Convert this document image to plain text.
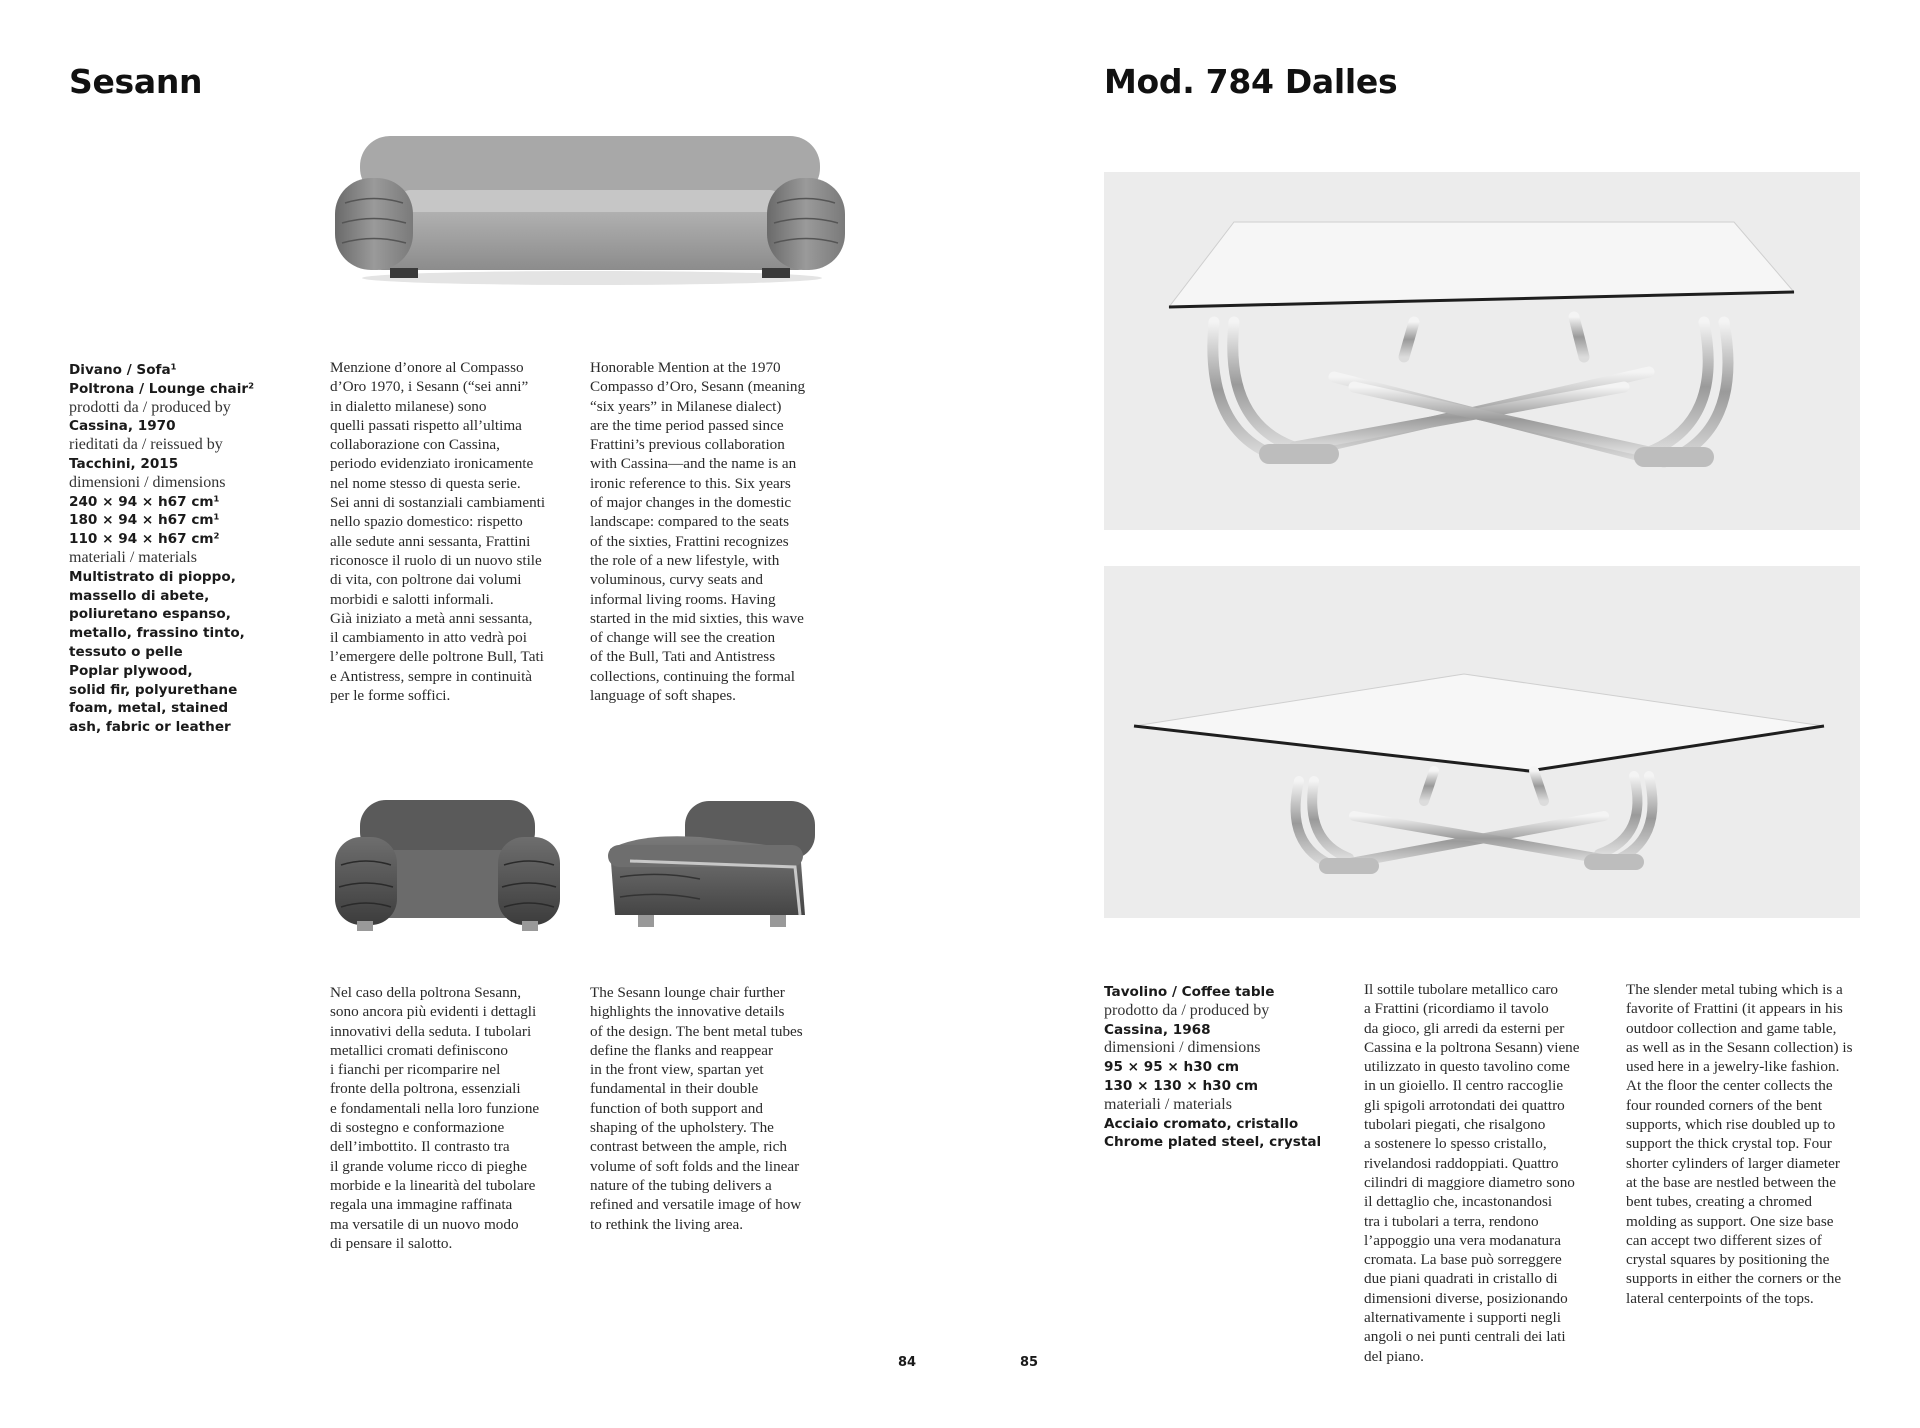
Sesann
Divano / Sofa¹
Poltrona / Lounge chair²
prodotti da / produced by
Cassina, 1970
rieditati da / reissued by
Tacchini, 2015
dimensioni / dimensions
240 × 94 × h67 cm¹
180 × 94 × h67 cm¹
110 × 94 × h67 cm²
materiali / materials
Multistrato di pioppo,
massello di abete,
poliuretano espanso,
metallo, frassino tinto,
tessuto o pelle
Poplar plywood,
solid fir, polyurethane
foam, metal, stained
ash, fabric or leather
Menzione d’onore al Compasso
d’Oro 1970, i Sesann (“sei anni”
in dialetto milanese) sono
quelli passati rispetto all’ultima
collaborazione con Cassina,
periodo evidenziato ironicamente
nel nome stesso di questa serie.
Sei anni di sostanziali cambiamenti
nello spazio domestico: rispetto
alle sedute anni sessanta, Frattini
riconosce il ruolo di un nuovo stile
di vita, con poltrone dai volumi
morbidi e salotti informali.
Già iniziato a metà anni sessanta,
il cambiamento in atto vedrà poi
l’emergere delle poltrone Bull, Tati
e Antistress, sempre in continuità
per le forme soffici.
Honorable Mention at the 1970
Compasso d’Oro, Sesann (meaning
“six years” in Milanese dialect)
are the time period passed since
Frattini’s previous collaboration
with Cassina—and the name is an
ironic reference to this. Six years
of major changes in the domestic
landscape: compared to the seats
of the sixties, Frattini recognizes
the role of a new lifestyle, with
voluminous, curvy seats and
informal living rooms. Having
started in the mid sixties, this wave
of change will see the creation
of the Bull, Tati and Antistress
collections, continuing the formal
language of soft shapes.
Nel caso della poltrona Sesann,
sono ancora più evidenti i dettagli
innovativi della seduta. I tubolari
metallici cromati definiscono
i fianchi per ricomparire nel
fronte della poltrona, essenziali
e fondamentali nella loro funzione
di sostegno e conformazione
dell’imbottito. Il contrasto tra
il grande volume ricco di pieghe
morbide e la linearità del tubolare
regala una immagine raffinata
ma versatile di un nuovo modo
di pensare il salotto.
The Sesann lounge chair further
highlights the innovative details
of the design. The bent metal tubes
define the flanks and reappear
in the front view, spartan yet
fundamental in their double
function of both support and
shaping of the upholstery. The
contrast between the ample, rich
volume of soft folds and the linear
nature of the tubing delivers a
refined and versatile image of how
to rethink the living area.
84
Mod. 784 Dalles
Tavolino / Coffee table
prodotto da / produced by
Cassina, 1968
dimensioni / dimensions
95 × 95 × h30 cm
130 × 130 × h30 cm
materiali / materials
Acciaio cromato, cristallo
Chrome plated steel, crystal
Il sottile tubolare metallico caro
a Frattini (ricordiamo il tavolo
da gioco, gli arredi da esterni per
Cassina e la poltrona Sesann) viene
utilizzato in questo tavolino come
in un gioiello. Il centro raccoglie
gli spigoli arrotondati dei quattro
tubolari piegati, che risalgono
a sostenere lo spesso cristallo,
rivelandosi raddoppiati. Quattro
cilindri di maggiore diametro sono
il dettaglio che, incastonandosi
tra i tubolari a terra, rendono
l’appoggio una vera modanatura
cromata. La base può sorreggere
due piani quadrati in cristallo di
dimensioni diverse, posizionando
alternativamente i supporti negli
angoli o nei punti centrali dei lati
del piano.
The slender metal tubing which is a
favorite of Frattini (it appears in his
outdoor collection and game table,
as well as in the Sesann collection) is
used here in a jewelry-like fashion.
At the floor the center collects the
four rounded corners of the bent
supports, which rise doubled up to
support the thick crystal top. Four
shorter cylinders of larger diameter
at the base are nestled between the
bent tubes, creating a chromed
molding as support. One size base
can accept two different sizes of
crystal squares by positioning the
supports in either the corners or the
lateral centerpoints of the tops.
85
